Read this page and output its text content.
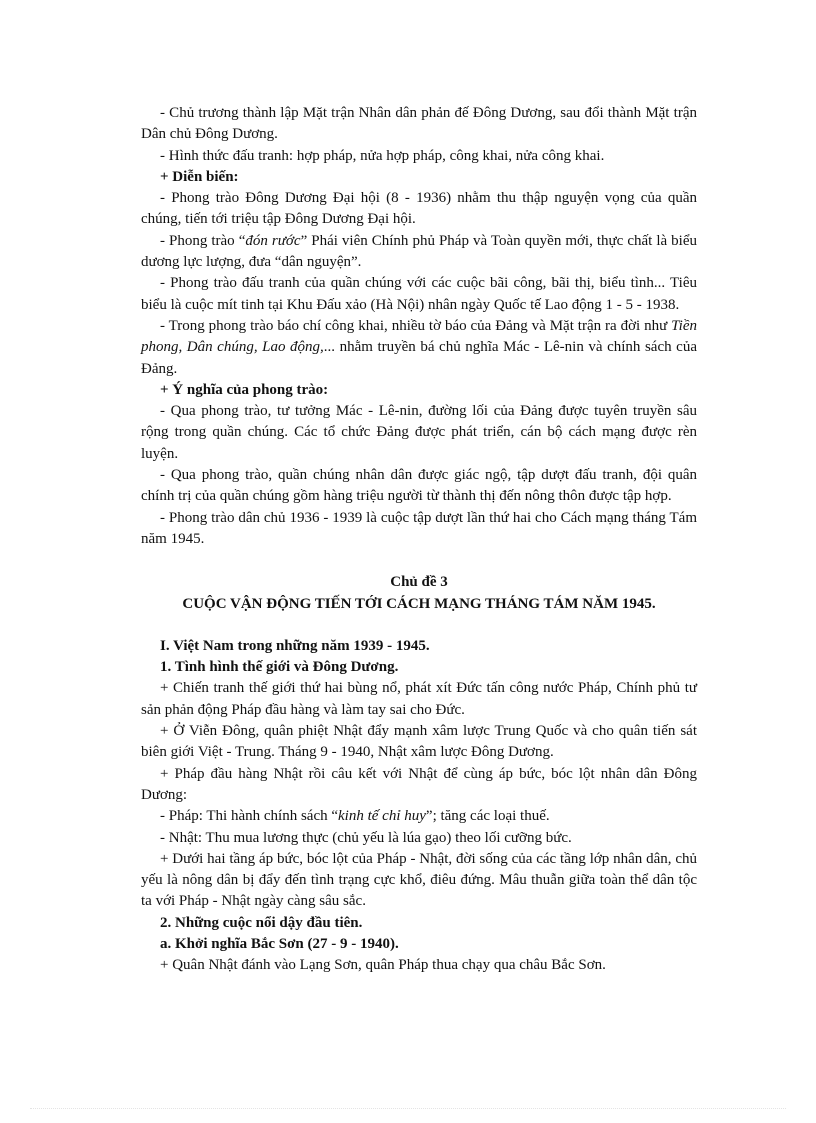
- Chủ trương thành lập Mặt trận Nhân dân phản đế Đông Dương, sau đổi thành Mặt trận Dân chủ Đông Dương.

- Hình thức đấu tranh: hợp pháp, nửa hợp pháp, công khai, nửa công khai.

+ Diễn biến:

- Phong trào Đông Dương Đại hội (8 - 1936) nhằm thu thập nguyện vọng của quần chúng, tiến tới triệu tập Đông Dương Đại hội.

- Phong trào “đón rước” Phái viên Chính phủ Pháp và Toàn quyền mới, thực chất là biểu dương lực lượng, đưa “dân nguyện”.

- Phong trào đấu tranh của quần chúng với các cuộc bãi công, bãi thị, biểu tình... Tiêu biểu là cuộc mít tinh tại Khu Đấu xảo (Hà Nội) nhân ngày Quốc tế Lao động 1 - 5 - 1938.

- Trong phong trào báo chí công khai, nhiều tờ báo của Đảng và Mặt trận ra đời như Tiền phong, Dân chúng, Lao động,... nhằm truyền bá chủ nghĩa Mác - Lê-nin và chính sách của Đảng.

+ Ý nghĩa của phong trào:

- Qua phong trào, tư tưởng Mác - Lê-nin, đường lối của Đảng được tuyên truyền sâu rộng trong quần chúng. Các tổ chức Đảng được phát triển, cán bộ cách mạng được rèn luyện.

- Qua phong trào, quần chúng nhân dân được giác ngộ, tập dượt đấu tranh, đội quân chính trị của quần chúng gồm hàng triệu người từ thành thị đến nông thôn được tập hợp.

- Phong trào dân chủ 1936 - 1939 là cuộc tập dượt lần thứ hai cho Cách mạng tháng Tám năm 1945.

Chủ đề 3

CUỘC VẬN ĐỘNG TIẾN TỚI CÁCH MẠNG THÁNG TÁM NĂM 1945.

I. Việt Nam trong những năm 1939 - 1945.

1. Tình hình thế giới và Đông Dương.

+ Chiến tranh thế giới thứ hai bùng nổ, phát xít Đức tấn công nước Pháp, Chính phủ tư sản phản động Pháp đầu hàng và làm tay sai cho Đức.

+ Ở Viễn Đông, quân phiệt Nhật đẩy mạnh xâm lược Trung Quốc và cho quân tiến sát biên giới Việt - Trung. Tháng 9 - 1940, Nhật xâm lược Đông Dương.

+ Pháp đầu hàng Nhật rồi câu kết với Nhật để cùng áp bức, bóc lột nhân dân Đông Dương:

- Pháp: Thi hành chính sách “kinh tế chỉ huy”; tăng các loại thuế.

- Nhật: Thu mua lương thực (chủ yếu là lúa gạo) theo lối cưỡng bức.

+ Dưới hai tầng áp bức, bóc lột của Pháp - Nhật, đời sống của các tầng lớp nhân dân, chủ yếu là nông dân bị đẩy đến tình trạng cực khổ, điêu đứng. Mâu thuẫn giữa toàn thể dân tộc ta với Pháp - Nhật ngày càng sâu sắc.

2. Những cuộc nổi dậy đầu tiên.

a. Khởi nghĩa Bắc Sơn (27 - 9 - 1940).

+ Quân Nhật đánh vào Lạng Sơn, quân Pháp thua chạy qua châu Bắc Sơn.
